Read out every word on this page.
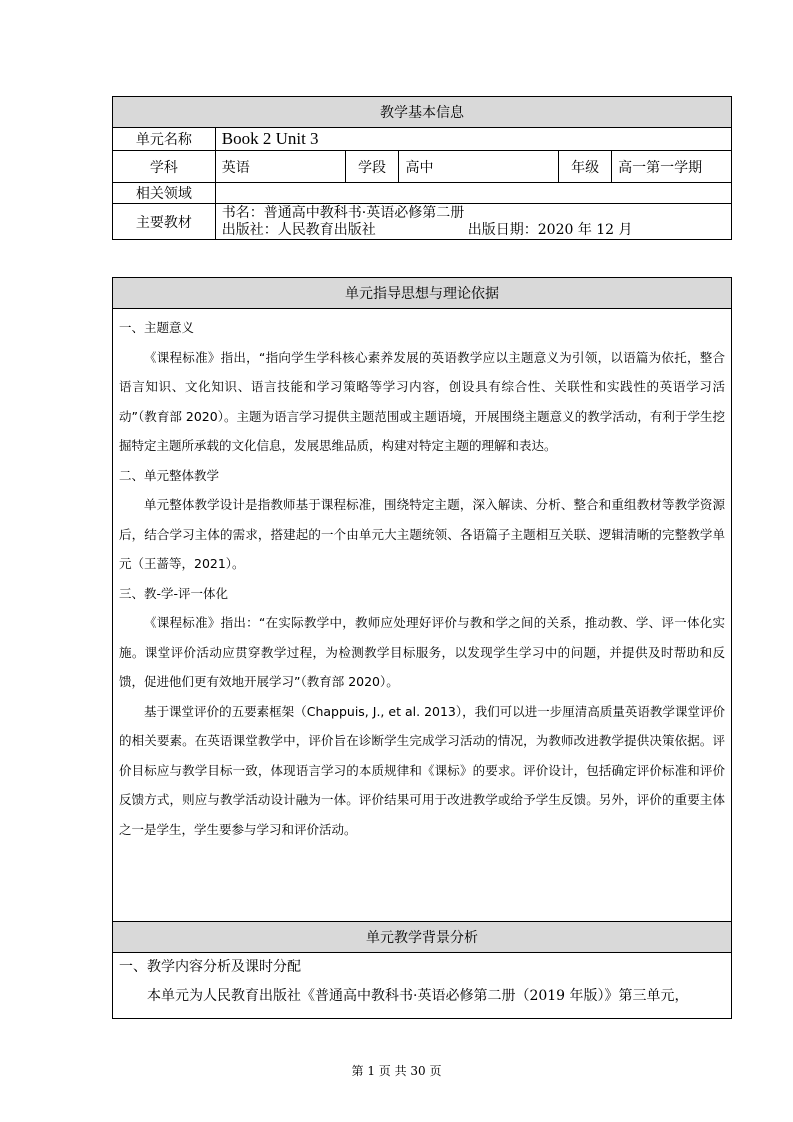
教学基本信息					
单元名称	Book 2 Unit 3				
学科	英语	学段	高中	年级	高一第一学期
相关领域					
主要教材	书名：普通高中教科书·英语必修第二册
出版社：人民教育出版社 出版日期：2020 年 12 月				
单元指导思想与理论依据

一、主题意义

《课程标准》指出，“指向学生学科核心素养发展的英语教学应以主题意义为引领，以语篇为依托，整合语言知识、文化知识、语言技能和学习策略等学习内容，创设具有综合性、关联性和实践性的英语学习活动”（教育部 2020）。主题为语言学习提供主题范围或主题语境，开展围绕主题意义的教学活动，有利于学生挖掘特定主题所承载的文化信息，发展思维品质，构建对特定主题的理解和表达。

二、单元整体教学

单元整体教学设计是指教师基于课程标准，围绕特定主题，深入解读、分析、整合和重组教材等教学资源后，结合学习主体的需求，搭建起的一个由单元大主题统领、各语篇子主题相互关联、逻辑清晰的完整教学单元（王蔷等，2021）。

三、教-学-评一体化

《课程标准》指出：“在实际教学中，教师应处理好评价与教和学之间的关系，推动教、学、评一体化实施。课堂评价活动应贯穿教学过程，为检测教学目标服务，以发现学生学习中的问题，并提供及时帮助和反馈，促进他们更有效地开展学习”（教育部 2020）。

基于课堂评价的五要素框架（Chappuis, J., et al. 2013），我们可以进一步厘清高质量英语教学课堂评价的相关要素。在英语课堂教学中，评价旨在诊断学生完成学习活动的情况，为教师改进教学提供决策依据。评价目标应与教学目标一致，体现语言学习的本质规律和《课标》的要求。评价设计，包括确定评价标准和评价反馈方式，则应与教学活动设计融为一体。评价结果可用于改进教学或给予学生反馈。另外，评价的重要主体之一是学生，学生要参与学习和评价活动。

单元教学背景分析

一、教学内容分析及课时分配

本单元为人民教育出版社《普通高中教科书·英语必修第二册（2019 年版）》第三单元，

第 1 页 共 30 页
